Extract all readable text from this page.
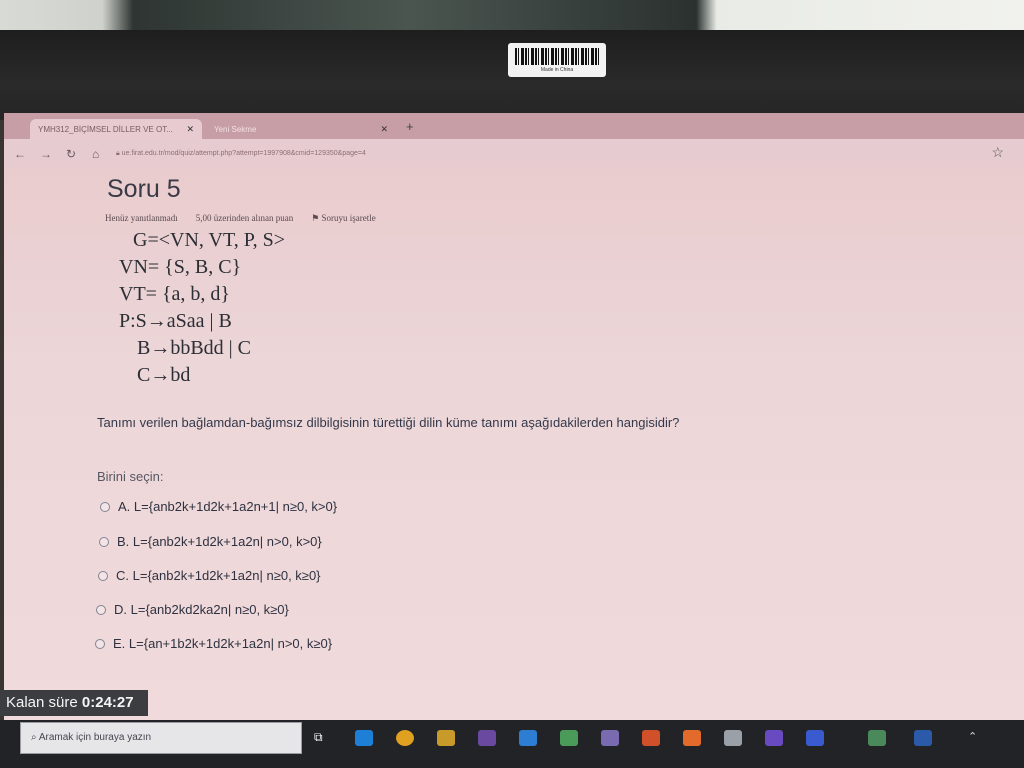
Made in China
YMH312_BİÇİMSEL DİLLER VE OT... ✕	Yeni Sekme	✕ +
← → ↻ ⌂ 🔒︎ ue.firat.edu.tr/mod/quiz/attempt.php?attempt=1997908&cmid=129350&page=4	☆
Soru 5
Henüz yanıtlanmadı 5,00 üzerinden alınan puan ⚑ Soruyu işaretle
G=<VN, VT, P, S>
VN= {S, B, C}
VT= {a, b, d}
P:S→aSaa | B
B→bbBdd | C
C→bd
Tanımı verilen bağlamdan-bağımsız dilbilgisinin türettiği dilin küme tanımı aşağıdakilerden hangisidir?
Birini seçin:
A.
L={anb2k+1d2k+1a2n+1| n≥0, k>0}
B.
L={anb2k+1d2k+1a2n| n>0, k>0}
C.
L={anb2k+1d2k+1a2n| n≥0, k≥0}
D.
L={anb2kd2ka2n| n≥0, k≥0}
E.
L={an+1b2k+1d2k+1a2n| n>0, k≥0}
Kalan süre 0:24:27
⌕ Aramak için buraya yazın	⧉	⌃
